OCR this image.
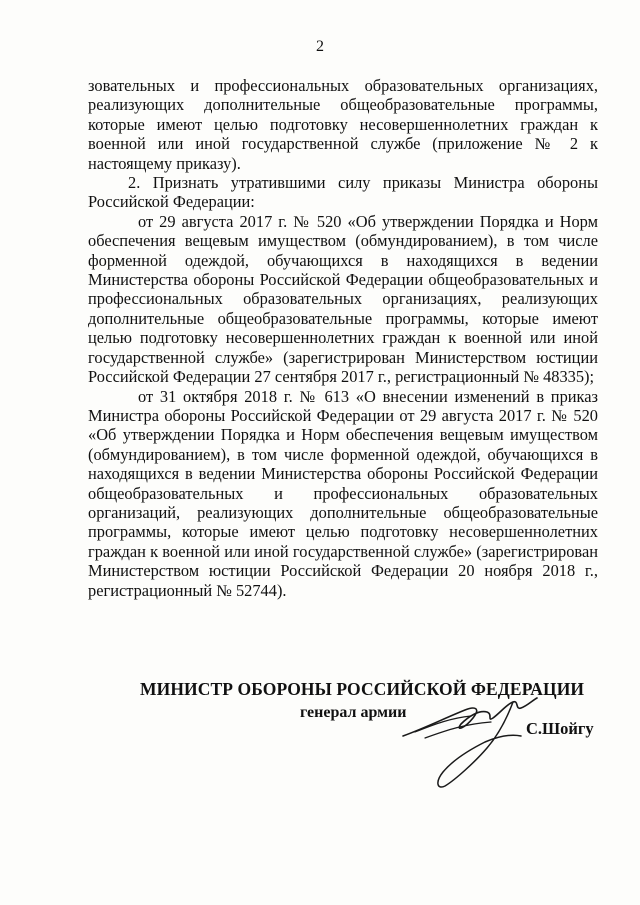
2

зовательных и профессиональных образовательных организациях, реализующих дополнительные общеобразовательные программы, которые имеют целью подготовку несовершеннолетних граждан к военной или иной государственной службе (приложение № 2 к настоящему приказу).

2. Признать утратившими силу приказы Министра обороны Российской Федерации:

от 29 августа 2017 г. № 520 «Об утверждении Порядка и Норм обеспечения вещевым имуществом (обмундированием), в том числе форменной одеждой, обучающихся в находящихся в ведении Министерства обороны Российской Федерации общеобразовательных и профессиональных образовательных организациях, реализующих дополнительные общеобразовательные программы, которые имеют целью подготовку несовершеннолетних граждан к военной или иной государственной службе» (зарегистрирован Министерством юстиции Российской Федерации 27 сентября 2017 г., регистрационный № 48335);

от 31 октября 2018 г. № 613 «О внесении изменений в приказ Министра обороны Российской Федерации от 29 августа 2017 г. № 520 «Об утверждении Порядка и Норм обеспечения вещевым имуществом (обмундированием), в том числе форменной одеждой, обучающихся в находящихся в ведении Министерства обороны Российской Федерации общеобразовательных и профессиональных образовательных организаций, реализующих дополнительные общеобразовательные программы, которые имеют целью подготовку несовершеннолетних граждан к военной или иной государственной службе» (зарегистрирован Министерством юстиции Российской Федерации 20 ноября 2018 г., регистрационный № 52744).

МИНИСТР ОБОРОНЫ РОССИЙСКОЙ ФЕДЕРАЦИИ
генерал армии
С.Шойгу
